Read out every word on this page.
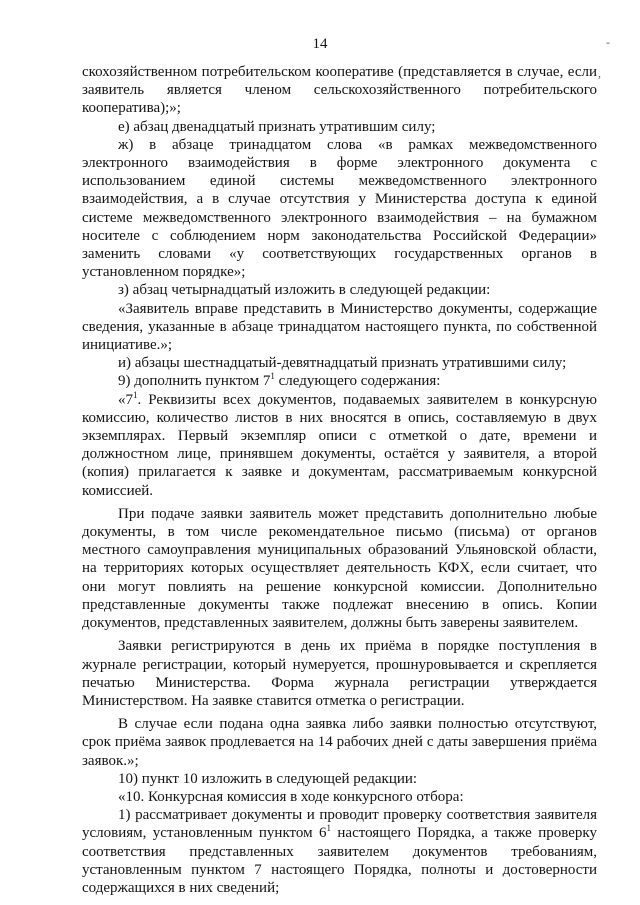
14
,
-

скохозяйственном потребительском кооперативе (представляется в случае, если заявитель является членом сельскохозяйственного потребительского кооператива);»;

е) абзац двенадцатый признать утратившим силу;

ж) в абзаце тринадцатом слова «в рамках межведомственного электронного взаимодействия в форме электронного документа с использованием единой системы межведомственного электронного взаимодействия, а в случае отсутствия у Министерства доступа к единой системе межведомственного электронного взаимодействия – на бумажном носителе с соблюдением норм законодательства Российской Федерации» заменить словами «у соответствующих государственных органов в установленном порядке»;

з) абзац четырнадцатый изложить в следующей редакции:

«Заявитель вправе представить в Министерство документы, содержащие сведения, указанные в абзаце тринадцатом настоящего пункта, по собственной инициативе.»;

и) абзацы шестнадцатый-девятнадцатый признать утратившими силу;

9) дополнить пунктом $7^1$ следующего содержания:

«$7^1$. Реквизиты всех документов, подаваемых заявителем в конкурсную комиссию, количество листов в них вносятся в опись, составляемую в двух экземплярах. Первый экземпляр описи с отметкой о дате, времени и должностном лице, принявшем документы, остаётся у заявителя, а второй (копия) прилагается к заявке и документам, рассматриваемым конкурсной комиссией.

При подаче заявки заявитель может представить дополнительно любые документы, в том числе рекомендательное письмо (письма) от органов местного самоуправления муниципальных образований Ульяновской области, на территориях которых осуществляет деятельность КФХ, если считает, что они могут повлиять на решение конкурсной комиссии. Дополнительно представленные документы также подлежат внесению в опись. Копии документов, представленных заявителем, должны быть заверены заявителем.

Заявки регистрируются в день их приёма в порядке поступления в журнале регистрации, который нумеруется, прошнуровывается и скрепляется печатью Министерства. Форма журнала регистрации утверждается Министерством. На заявке ставится отметка о регистрации.

В случае если подана одна заявка либо заявки полностью отсутствуют, срок приёма заявок продлевается на 14 рабочих дней с даты завершения приёма заявок.»;

10) пункт 10 изложить в следующей редакции:

«10. Конкурсная комиссия в ходе конкурсного отбора:

1) рассматривает документы и проводит проверку соответствия заявителя условиям, установленным пунктом $6^1$ настоящего Порядка, а также проверку соответствия представленных заявителем документов требованиям, установленным пунктом 7 настоящего Порядка, полноты и достоверности содержащихся в них сведений;
